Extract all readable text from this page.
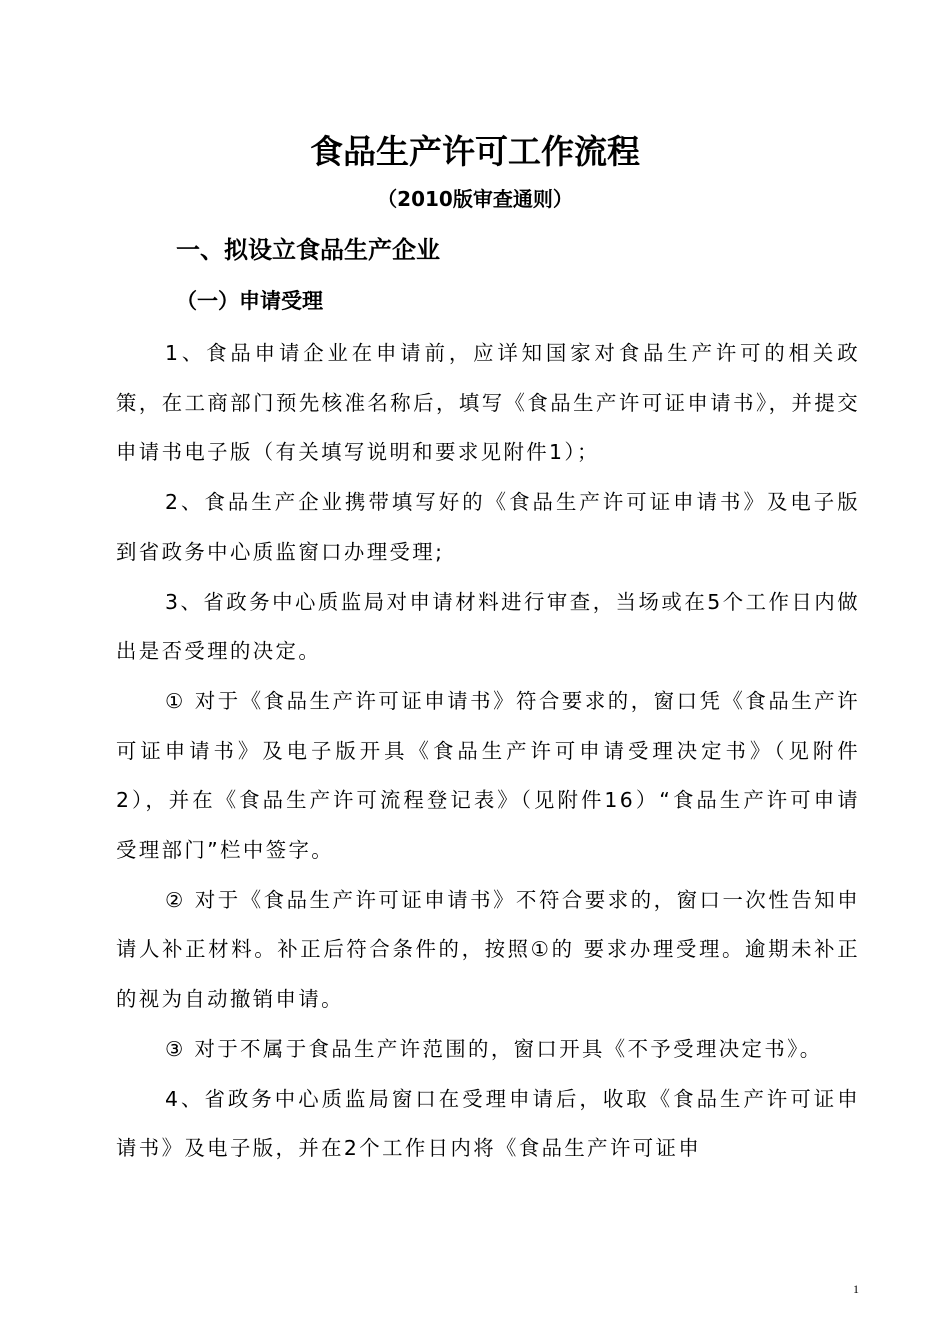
食品生产许可工作流程
（2010版审查通则）
一、拟设立食品生产企业
（一）申请受理

1、食品申请企业在申请前，应详知国家对食品生产许可的相关政策，在工商部门预先核准名称后，填写《食品生产许可证申请书》，并提交申请书电子版（有关填写说明和要求见附件1）；

2、食品生产企业携带填写好的《食品生产许可证申请书》及电子版到省政务中心质监窗口办理受理;

3、省政务中心质监局对申请材料进行审查，当场或在5个工作日内做出是否受理的决定。

① 对于《食品生产许可证申请书》符合要求的，窗口凭《食品生产许可证申请书》及电子版开具《食品生产许可申请受理决定书》（见附件2），并在《食品生产许可流程登记表》（见附件16）“食品生产许可申请受理部门”栏中签字。

② 对于《食品生产许可证申请书》不符合要求的，窗口一次性告知申请人补正材料。补正后符合条件的，按照①的 要求办理受理。逾期未补正的视为自动撤销申请。

③ 对于不属于食品生产许范围的，窗口开具《不予受理决定书》。

4、省政务中心质监局窗口在受理申请后，收取《食品生产许可证申请书》及电子版，并在2个工作日内将《食品生产许可证申

1
